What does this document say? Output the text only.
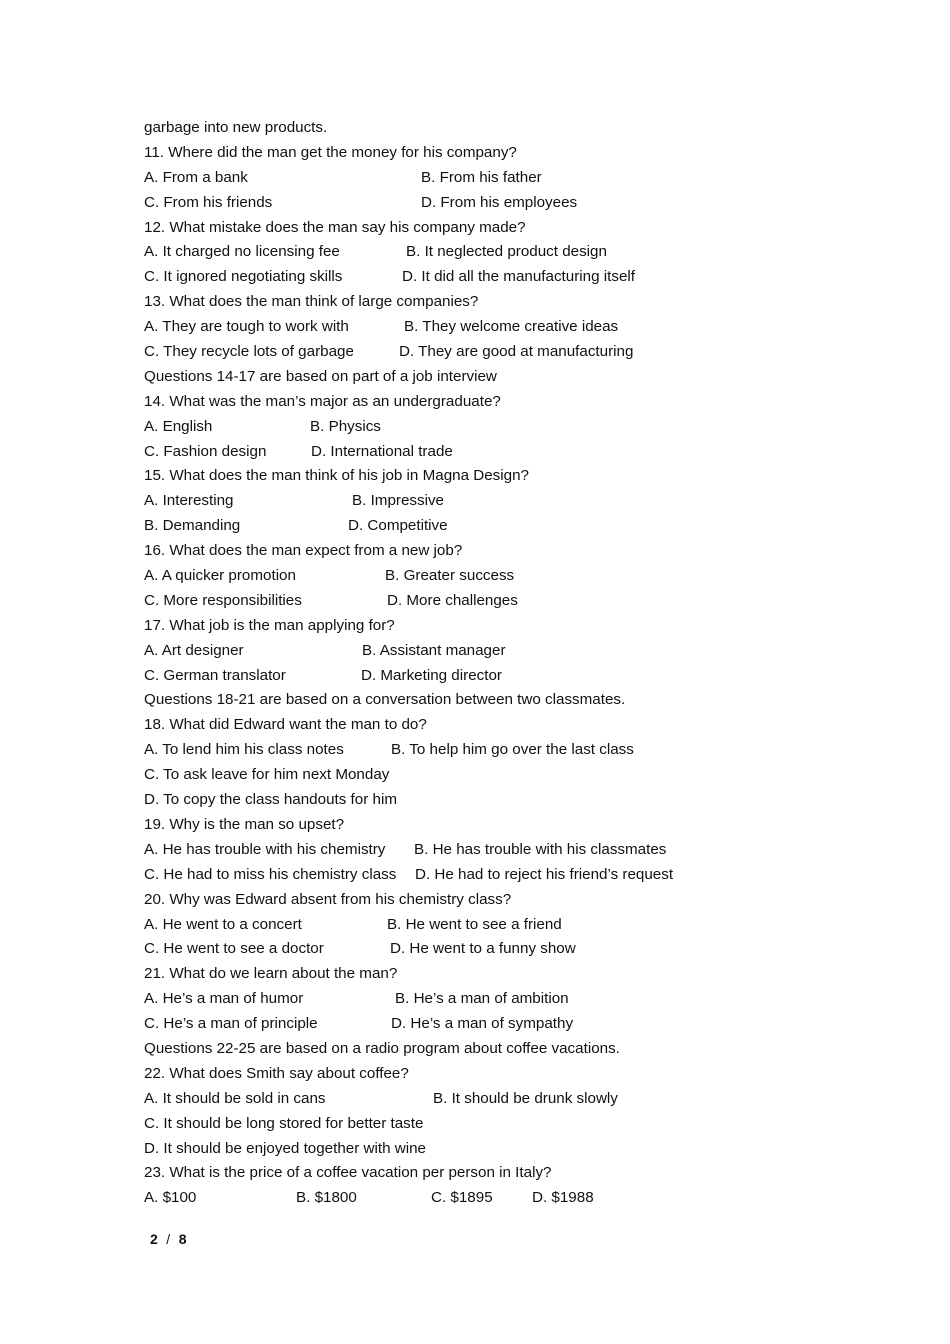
garbage into new products.
11. Where did the man get the money for his company?
A. From a bank	B. From his father
C. From his friends	D. From his employees
12. What mistake does the man say his company made?
A. It charged no licensing fee	B. It neglected product design
C. It ignored negotiating skills	D. It did all the manufacturing itself
13. What does the man think of large companies?
A. They are tough to work with	B. They welcome creative ideas
C. They recycle lots of garbage	D. They are good at manufacturing
Questions 14-17 are based on part of a job interview
14. What was the man’s major as an undergraduate?
A. English	B. Physics
C. Fashion design	D. International trade
15. What does the man think of his job in Magna Design?
A. Interesting	B. Impressive
B. Demanding	D. Competitive
16. What does the man expect from a new job?
A. A quicker promotion	B. Greater success
C. More responsibilities	D. More challenges
17. What job is the man applying for?
A. Art designer	B. Assistant manager
C. German translator	D. Marketing director
Questions 18-21 are based on a conversation between two classmates.
18. What did Edward want the man to do?
A. To lend him his class notes	B. To help him go over the last class
C. To ask leave for him next Monday
D. To copy the class handouts for him
19. Why is the man so upset?
A. He has trouble with his chemistry B. He has trouble with his classmates
C. He had to miss his chemistry class D. He had to reject his friend’s request
20. Why was Edward absent from his chemistry class?
A. He went to a concert	B. He went to see a friend
C. He went to see a doctor	D. He went to a funny show
21. What do we learn about the man?
A. He’s a man of humor	B. He’s a man of ambition
C. He’s a man of principle	D. He’s a man of sympathy
Questions 22-25 are based on a radio program about coffee vacations.
22. What does Smith say about coffee?
A. It should be sold in cans	B. It should be drunk slowly
C. It should be long stored for better taste
D. It should be enjoyed together with wine
23. What is the price of a coffee vacation per person in Italy?
A. $100	B. $1800	C. $1895	D. $1988
2 / 8
